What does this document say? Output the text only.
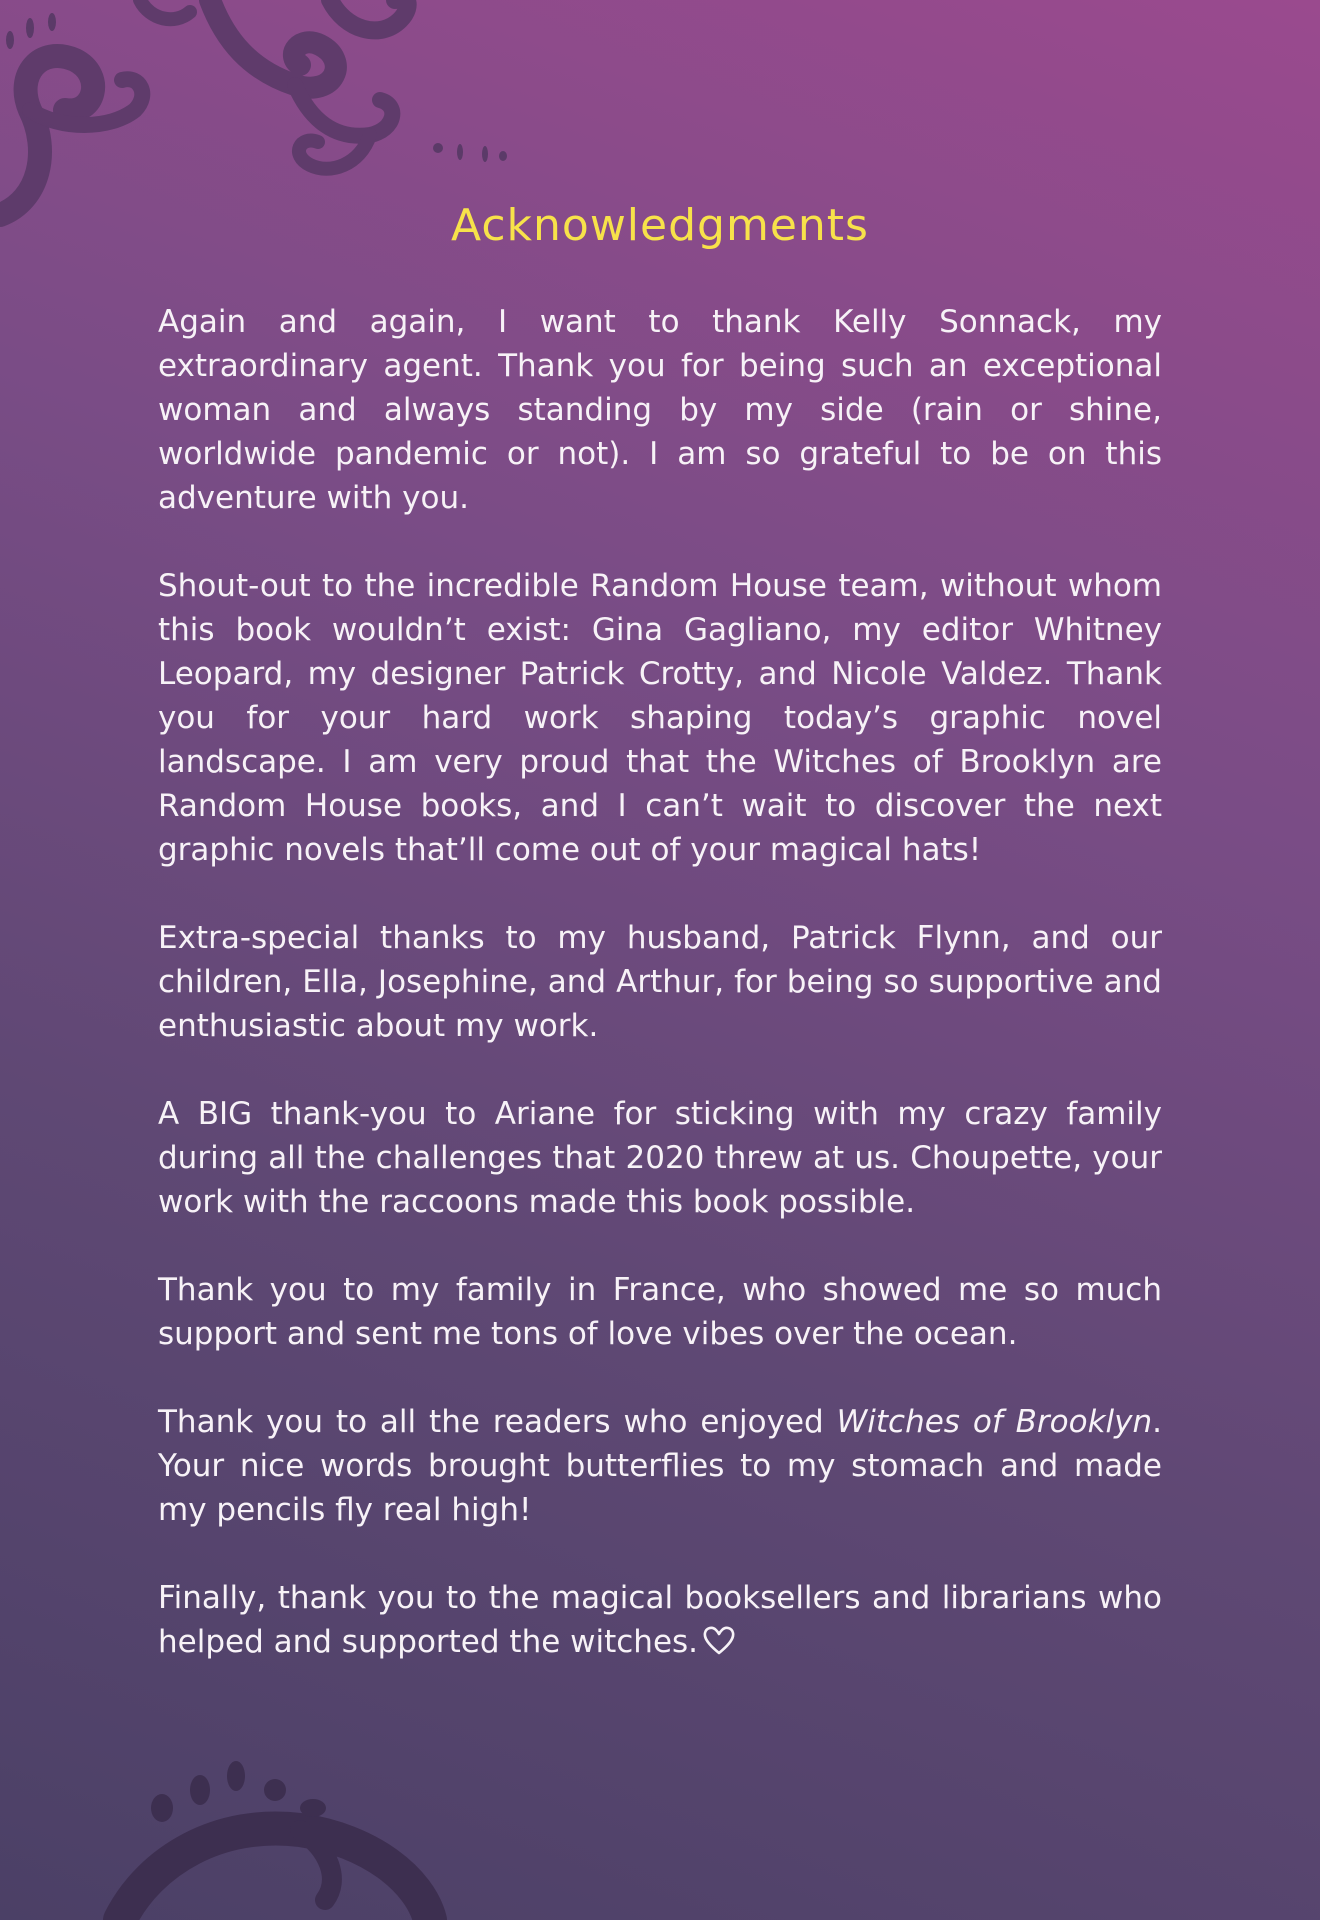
Acknowledgments

Again and again, I want to thank Kelly Sonnack, my extraordinary agent. Thank you for being such an exceptional woman and always standing by my side (rain or shine, worldwide pandemic or not). I am so grateful to be on this adventure with you.

Shout-out to the incredible Random House team, without whom this book wouldn’t exist: Gina Gagliano, my editor Whitney Leopard, my designer Patrick Crotty, and Nicole Valdez. Thank you for your hard work shaping today’s graphic novel landscape. I am very proud that the Witches of Brooklyn are Random House books, and I can’t wait to discover the next graphic novels that’ll come out of your magical hats!

Extra-special thanks to my husband, Patrick Flynn, and our children, Ella, Josephine, and Arthur, for being so supportive and enthusiastic about my work.

A BIG thank-you to Ariane for sticking with my crazy family during all the challenges that 2020 threw at us. Choupette, your work with the raccoons made this book possible.

Thank you to my family in France, who showed me so much support and sent me tons of love vibes over the ocean.

Thank you to all the readers who enjoyed Witches of Brooklyn. Your nice words brought butterflies to my stomach and made my pencils fly real high!

Finally, thank you to the magical booksellers and librarians who helped and supported the witches.
